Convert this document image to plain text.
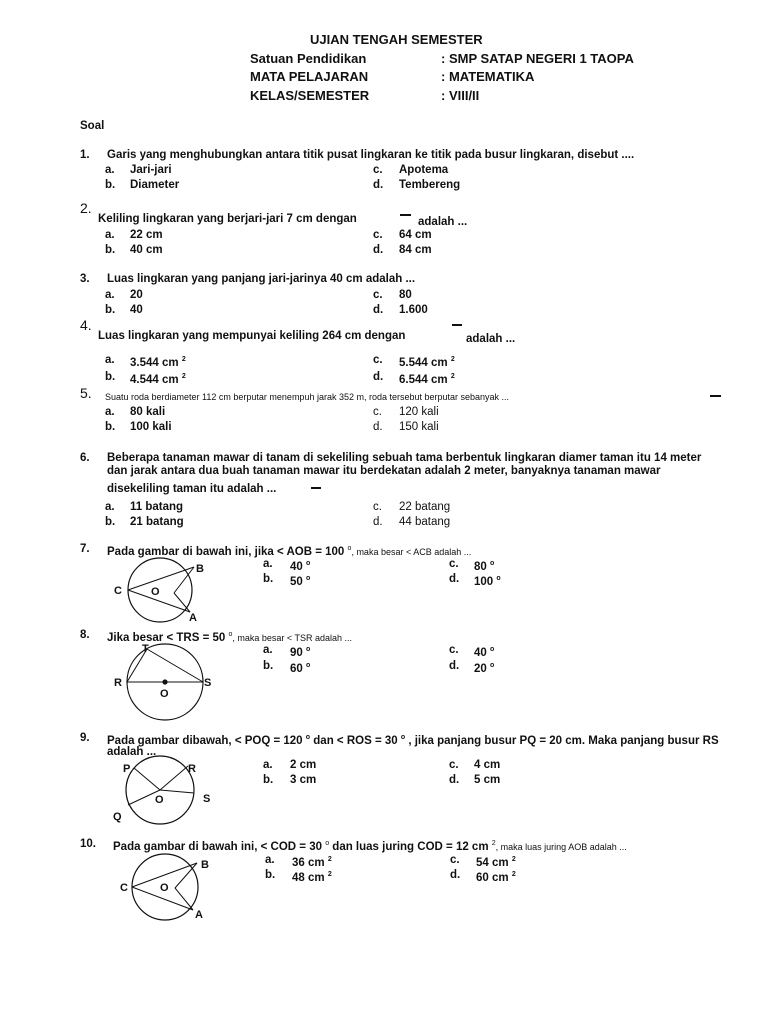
UJIAN TENGAH SEMESTER
Satuan Pendidikan	: SMP SATAP NEGERI 1 TAOPA
MATA PELAJARAN	: MATEMATIKA
KELAS/SEMESTER	: VIII/II
Soal
1. Garis yang menghubungkan antara titik pusat lingkaran ke titik pada busur lingkaran, disebut ....
a. Jari-jari
b. Diameter
c. Apotema
d. Tembereng
2.
Keliling lingkaran yang berjari-jari 7 cm dengan	adalah ...
a. 22 cm
b. 40 cm
c. 64 cm
d. 84 cm
3. Luas lingkaran yang panjang jari-jarinya 40 cm adalah ...
a. 20
b. 40
c. 80
d. 1.600
4.
Luas lingkaran yang mempunyai keliling 264 cm dengan	adalah ...
a. 3.544 cm $^2$
b. 4.544 cm $^2$
c. 5.544 cm $^2$
d. 6.544 cm $^2$
5. Suatu roda berdiameter 112 cm berputar menempuh jarak 352 m, roda tersebut berputar sebanyak ...
a. 80 kali
b. 100 kali
c. 120 kali
d. 150 kali
6. Beberapa tanaman mawar di tanam di sekeliling sebuah tama berbentuk lingkaran diamer taman itu 14 meter
dan jarak antara dua buah tanaman mawar itu berdekatan adalah 2 meter, banyaknya tanaman mawar
disekeliling taman itu adalah ...
a. 11 batang
b. 21 batang
c. 22 batang
d. 44 batang
7. Pada gambar di bawah ini, jika < AOB = 100 $^o$, maka besar < ACB adalah ...
a. 40 $^o$
b. 50 $^o$
c. 80 $^o$
d. 100 $^o$
C	O
B
A
8. Jika besar < TRS = 50 $^o$, maka besar < TSR adalah ...
a. 90 $^o$
b. 60 $^o$
c. 40 $^o$
d. 20 $^o$
T
R	S
O
9. Pada gambar dibawah, < POQ = 120 $^o$ dan < ROS = 30 $^o$ , jika panjang busur PQ = 20 cm. Maka panjang busur RS
adalah ...
a. 2 cm
b. 3 cm
c. 4 cm
d. 5 cm
P	R
O	S
Q
10. Pada gambar di bawah ini, < COD = 30 $^o$ dan luas juring COD = 12 cm $^2$, maka luas juring AOB adalah ...
a. 36 cm $^2$
b. 48 cm $^2$
c. 54 cm $^2$
d. 60 cm $^2$
C	O
B
A
